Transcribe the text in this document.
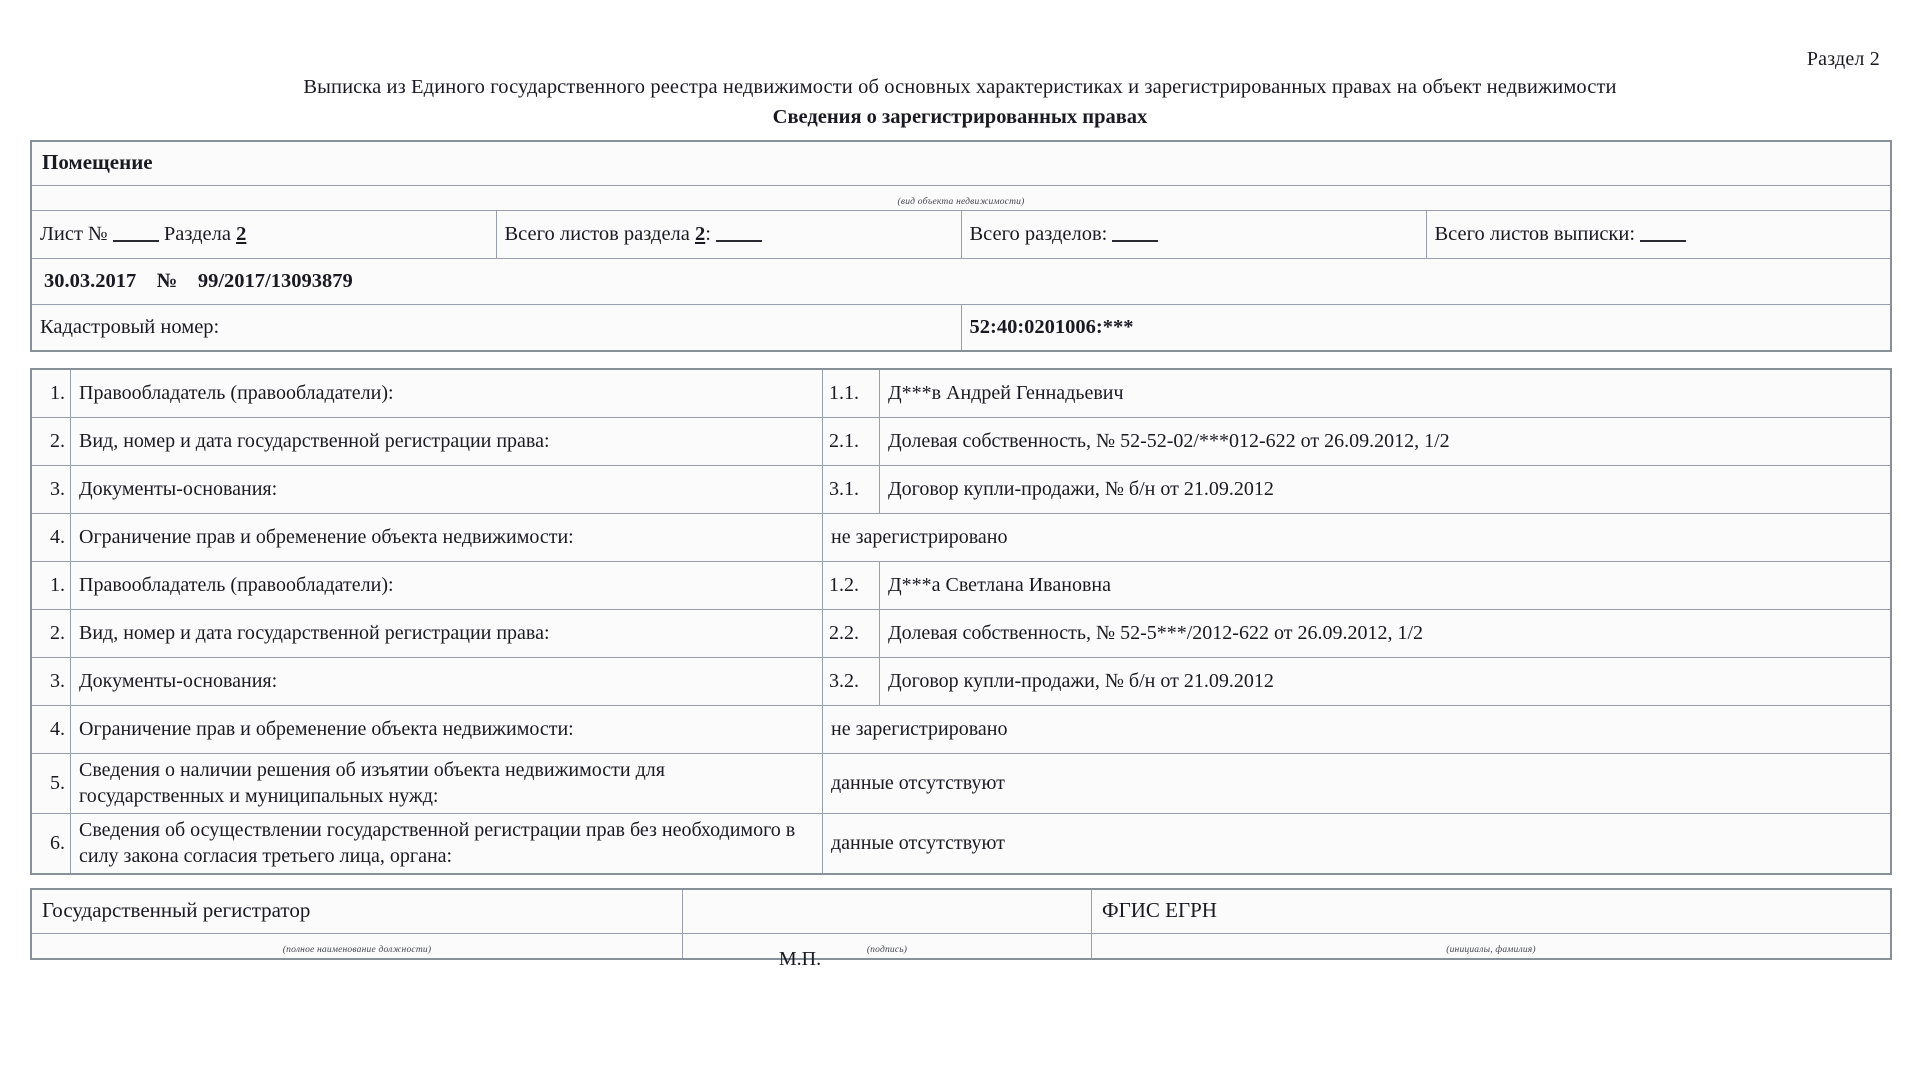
Раздел 2
Выписка из Единого государственного реестра недвижимости об основных характеристиках и зарегистрированных правах на объект недвижимости
Сведения о зарегистрированных правах
Помещение			
(вид объекта недвижимости)			
Лист № Раздела 2	Всего листов раздела 2:	Всего разделов:	Всего листов выписки:
30.03.2017 № 99/2017/13093879			
Кадастровый номер:		52:40:0201006:***	
1.	Правообладатель (правообладатели):	1.1.	Д***в Андрей Геннадьевич
2.	Вид, номер и дата государственной регистрации права:	2.1.	Долевая собственность, № 52-52-02/***012-622 от 26.09.2012, 1/2
3.	Документы-основания:	3.1.	Договор купли-продажи, № б/н от 21.09.2012
4.	Ограничение прав и обременение объекта недвижимости:	не зарегистрировано	
1.	Правообладатель (правообладатели):	1.2.	Д***а Светлана Ивановна
2.	Вид, номер и дата государственной регистрации права:	2.2.	Долевая собственность, № 52-5***/2012-622 от 26.09.2012, 1/2
3.	Документы-основания:	3.2.	Договор купли-продажи, № б/н от 21.09.2012
4.	Ограничение прав и обременение объекта недвижимости:	не зарегистрировано	
5.	Сведения о наличии решения об изъятии объекта недвижимости для государственных и муниципальных нужд:	данные отсутствуют	
6.	Сведения об осуществлении государственной регистрации прав без необходимого в силу закона согласия третьего лица, органа:	данные отсутствуют	
Государственный регистратор		ФГИС ЕГРН
(полное наименование должности)	(подпись)	(инициалы, фамилия)
М.П.
